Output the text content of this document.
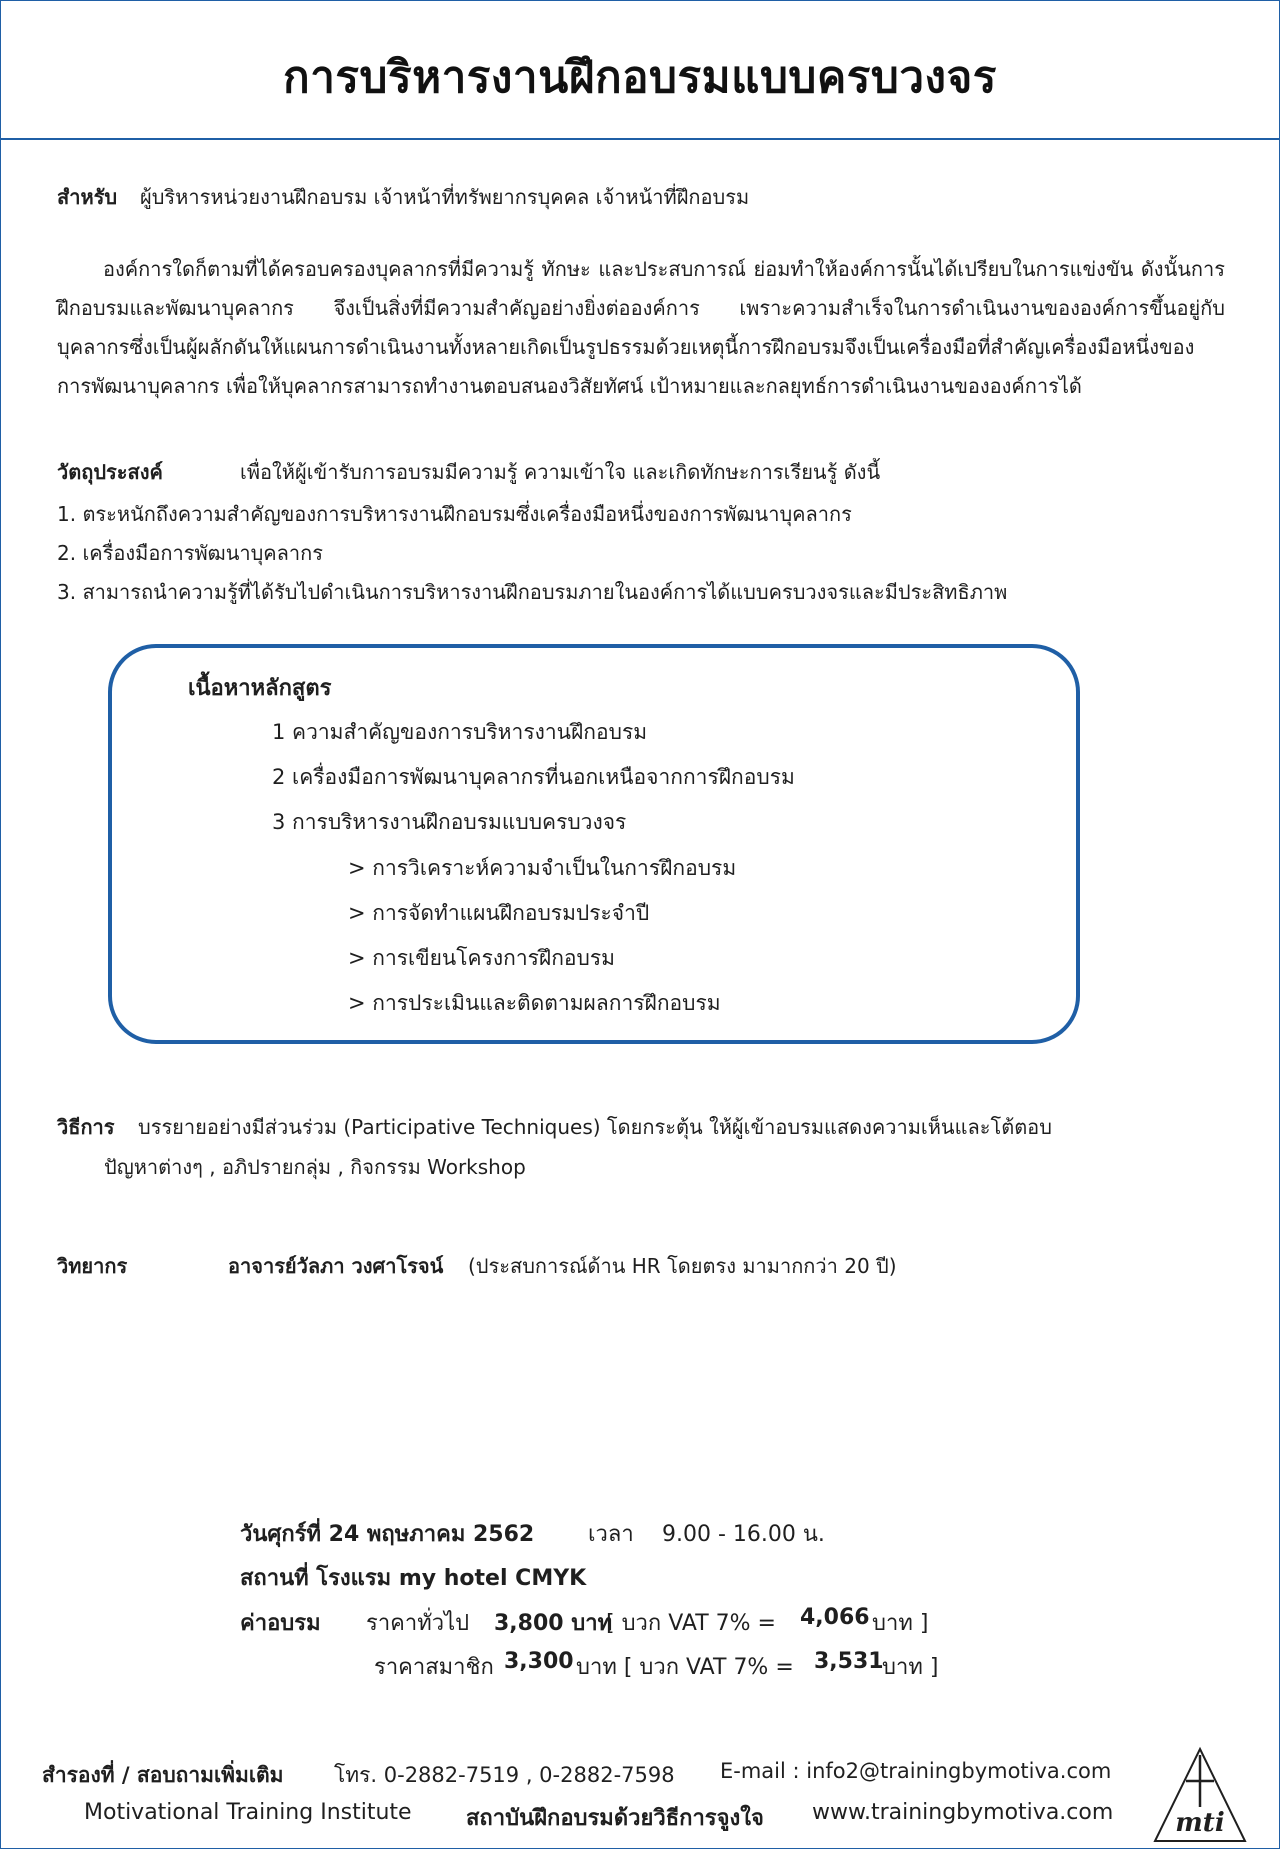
การบริหารงานฝึกอบรมแบบครบวงจร
สำหรับ ผู้บริหารหน่วยงานฝึกอบรม เจ้าหน้าที่ทรัพยากรบุคคล เจ้าหน้าที่ฝึกอบรม
องค์การใดก็ตามที่ได้ครอบครองบุคลากรที่มีความรู้ ทักษะ และประสบการณ์ ย่อมทำให้องค์การนั้นได้เปรียบในการแข่งขัน ดังนั้นการฝึกอบรมและพัฒนาบุคลากร จึงเป็นสิ่งที่มีความสำคัญอย่างยิ่งต่อองค์การ เพราะความสำเร็จในการดำเนินงานขององค์การขึ้นอยู่กับบุคลากรซึ่งเป็นผู้ผลักดันให้แผนการดำเนินงานทั้งหลายเกิดเป็นรูปธรรมด้วยเหตุนี้การฝึกอบรมจึงเป็นเครื่องมือที่สำคัญเครื่องมือหนึ่งของการพัฒนาบุคลากร เพื่อให้บุคลากรสามารถทำงานตอบสนองวิสัยทัศน์ เป้าหมายและกลยุทธ์การดำเนินงานขององค์การได้
วัตถุประสงค์	เพื่อให้ผู้เข้ารับการอบรมมีความรู้ ความเข้าใจ และเกิดทักษะการเรียนรู้ ดังนี้
1. ตระหนักถึงความสำคัญของการบริหารงานฝึกอบรมซึ่งเครื่องมือหนึ่งของการพัฒนาบุคลากร
2. เครื่องมือการพัฒนาบุคลากร
3. สามารถนำความรู้ที่ได้รับไปดำเนินการบริหารงานฝึกอบรมภายในองค์การได้แบบครบวงจรและมีประสิทธิภาพ
เนื้อหาหลักสูตร
1 ความสำคัญของการบริหารงานฝึกอบรม
2 เครื่องมือการพัฒนาบุคลากรที่นอกเหนือจากการฝึกอบรม
3 การบริหารงานฝึกอบรมแบบครบวงจร
> การวิเคราะห์ความจำเป็นในการฝึกอบรม
> การจัดทำแผนฝึกอบรมประจำปี
> การเขียนโครงการฝึกอบรม
> การประเมินและติดตามผลการฝึกอบรม
วิธีการ บรรยายอย่างมีส่วนร่วม (Participative Techniques) โดยกระตุ้น ให้ผู้เข้าอบรมแสดงความเห็นและโต้ตอบ
ปัญหาต่างๆ , อภิปรายกลุ่ม , กิจกรรม Workshop
วิทยากร	อาจารย์วัลภา วงศาโรจน์ (ประสบการณ์ด้าน HR โดยตรง มามากกว่า 20 ปี)
วันศุกร์ที่ 24 พฤษภาคม 2562 เวลา 9.00 - 16.00 น.
สถานที่ โรงแรม my hotel CMYK
ค่าอบรม ราคาทั่วไป 3,800 บาท
[ บวก VAT 7% = 4,066 บาท ]
ราคาสมาชิก 3,300 บาท [ บวก VAT 7% = 3,531
บาท ]
สำรองที่ / สอบถามเพิ่มเติม โทร. 0-2882-7519 , 0-2882-7598 E-mail : info2@trainingbymotiva.com
Motivational Training Institute สถาบันฝึกอบรมด้วยวิธีการจูงใจ www.trainingbymotiva.com mti
